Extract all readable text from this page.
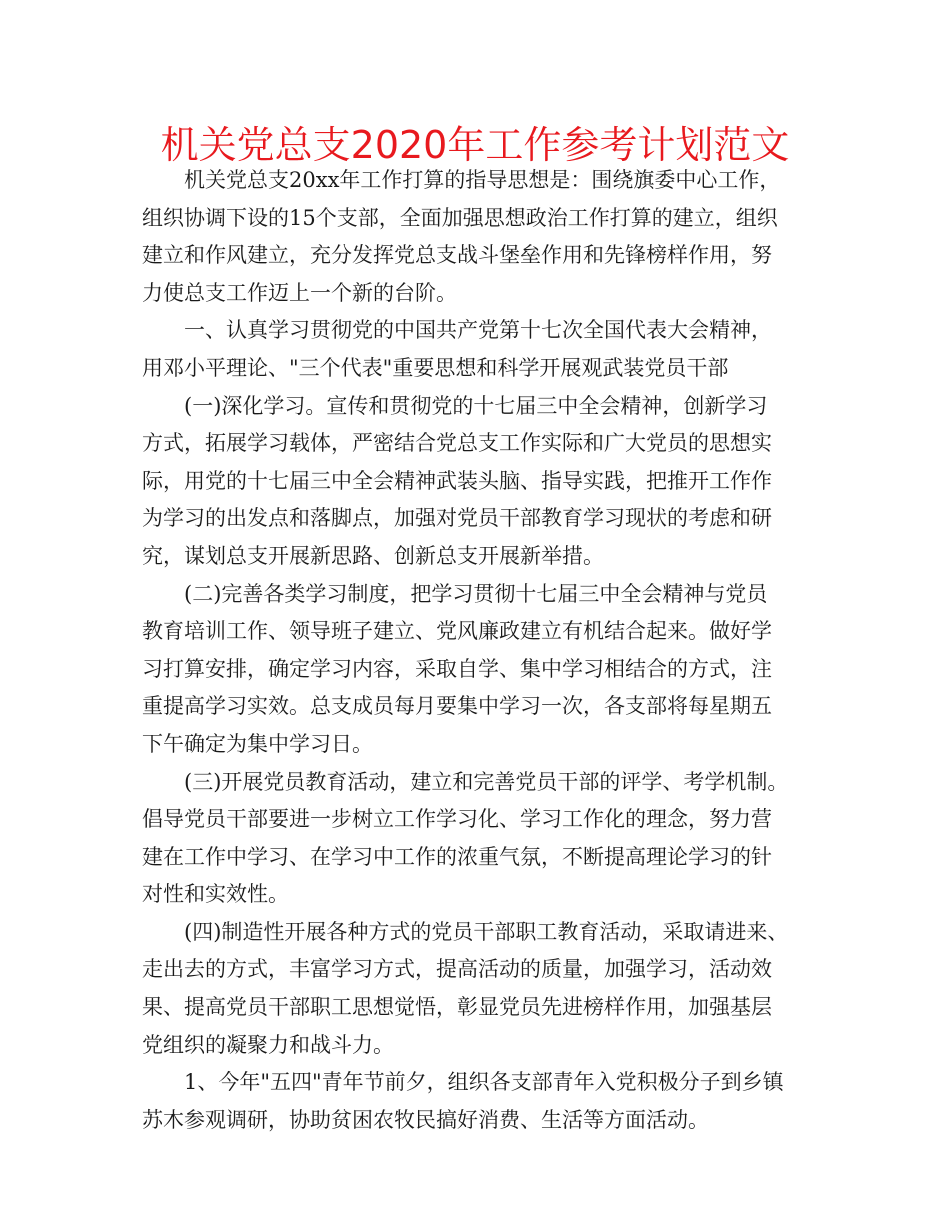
机关党总支2020年工作参考计划范文

机关党总支20xx年工作打算的指导思想是：围绕旗委中心工作，
组织协调下设的15个支部，全面加强思想政治工作打算的建立，组织
建立和作风建立，充分发挥党总支战斗堡垒作用和先锋榜样作用，努
力使总支工作迈上一个新的台阶。

一、认真学习贯彻党的中国共产党第十七次全国代表大会精神，
用邓小平理论、"三个代表"重要思想和科学开展观武装党员干部

(一)深化学习。宣传和贯彻党的十七届三中全会精神，创新学习
方式，拓展学习载体，严密结合党总支工作实际和广大党员的思想实
际，用党的十七届三中全会精神武装头脑、指导实践，把推开工作作
为学习的出发点和落脚点，加强对党员干部教育学习现状的考虑和研
究，谋划总支开展新思路、创新总支开展新举措。

(二)完善各类学习制度，把学习贯彻十七届三中全会精神与党员
教育培训工作、领导班子建立、党风廉政建立有机结合起来。做好学
习打算安排，确定学习内容，采取自学、集中学习相结合的方式，注
重提高学习实效。总支成员每月要集中学习一次，各支部将每星期五
下午确定为集中学习日。

(三)开展党员教育活动，建立和完善党员干部的评学、考学机制。
倡导党员干部要进一步树立工作学习化、学习工作化的理念，努力营
建在工作中学习、在学习中工作的浓重气氛，不断提高理论学习的针
对性和实效性。

(四)制造性开展各种方式的党员干部职工教育活动，采取请进来、
走出去的方式，丰富学习方式，提高活动的质量，加强学习，活动效
果、提高党员干部职工思想觉悟，彰显党员先进榜样作用，加强基层
党组织的凝聚力和战斗力。

1、今年"五四"青年节前夕，组织各支部青年入党积极分子到乡镇
苏木参观调研，协助贫困农牧民搞好消费、生活等方面活动。
